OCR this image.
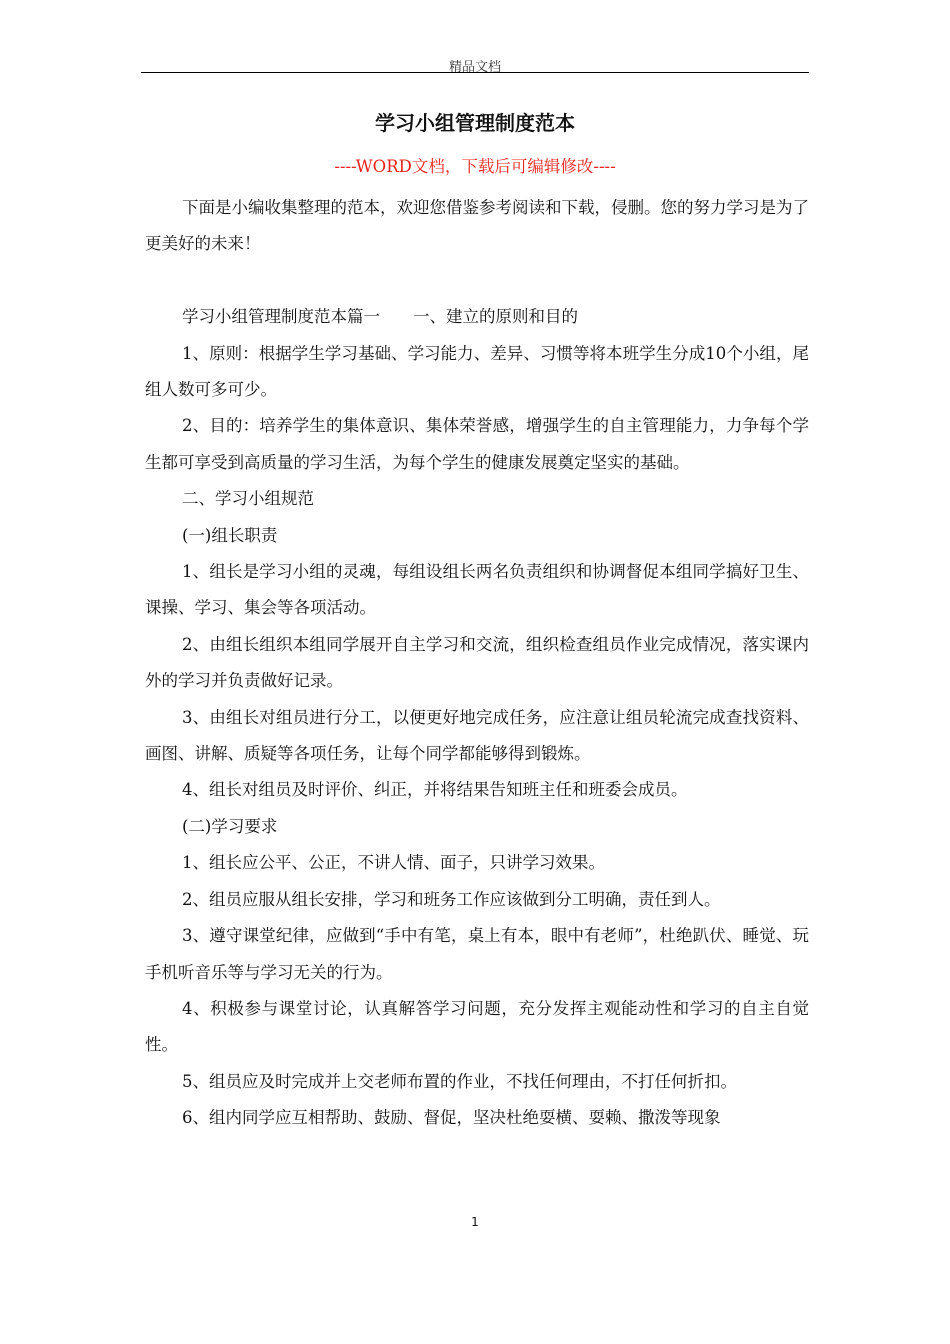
精品文档
学习小组管理制度范本
----WORD文档，下载后可编辑修改----

下面是小编收集整理的范本，欢迎您借鉴参考阅读和下载，侵删。您的努力学习是为了更美好的未来！

学习小组管理制度范本篇一　　一、建立的原则和目的

1、原则：根据学生学习基础、学习能力、差异、习惯等将本班学生分成10个小组，尾组人数可多可少。

2、目的：培养学生的集体意识、集体荣誉感，增强学生的自主管理能力，力争每个学生都可享受到高质量的学习生活，为每个学生的健康发展奠定坚实的基础。

二、学习小组规范

(一)组长职责

1、组长是学习小组的灵魂，每组设组长两名负责组织和协调督促本组同学搞好卫生、课操、学习、集会等各项活动。

2、由组长组织本组同学展开自主学习和交流，组织检查组员作业完成情况，落实课内外的学习并负责做好记录。

3、由组长对组员进行分工，以便更好地完成任务，应注意让组员轮流完成查找资料、画图、讲解、质疑等各项任务，让每个同学都能够得到锻炼。

4、组长对组员及时评价、纠正，并将结果告知班主任和班委会成员。

(二)学习要求

1、组长应公平、公正，不讲人情、面子，只讲学习效果。

2、组员应服从组长安排，学习和班务工作应该做到分工明确，责任到人。

3、遵守课堂纪律，应做到“手中有笔，桌上有本，眼中有老师”，杜绝趴伏、睡觉、玩手机听音乐等与学习无关的行为。

4、积极参与课堂讨论，认真解答学习问题，充分发挥主观能动性和学习的自主自觉性。

5、组员应及时完成并上交老师布置的作业，不找任何理由，不打任何折扣。

6、组内同学应互相帮助、鼓励、督促，坚决杜绝耍横、耍赖、撒泼等现象

1
